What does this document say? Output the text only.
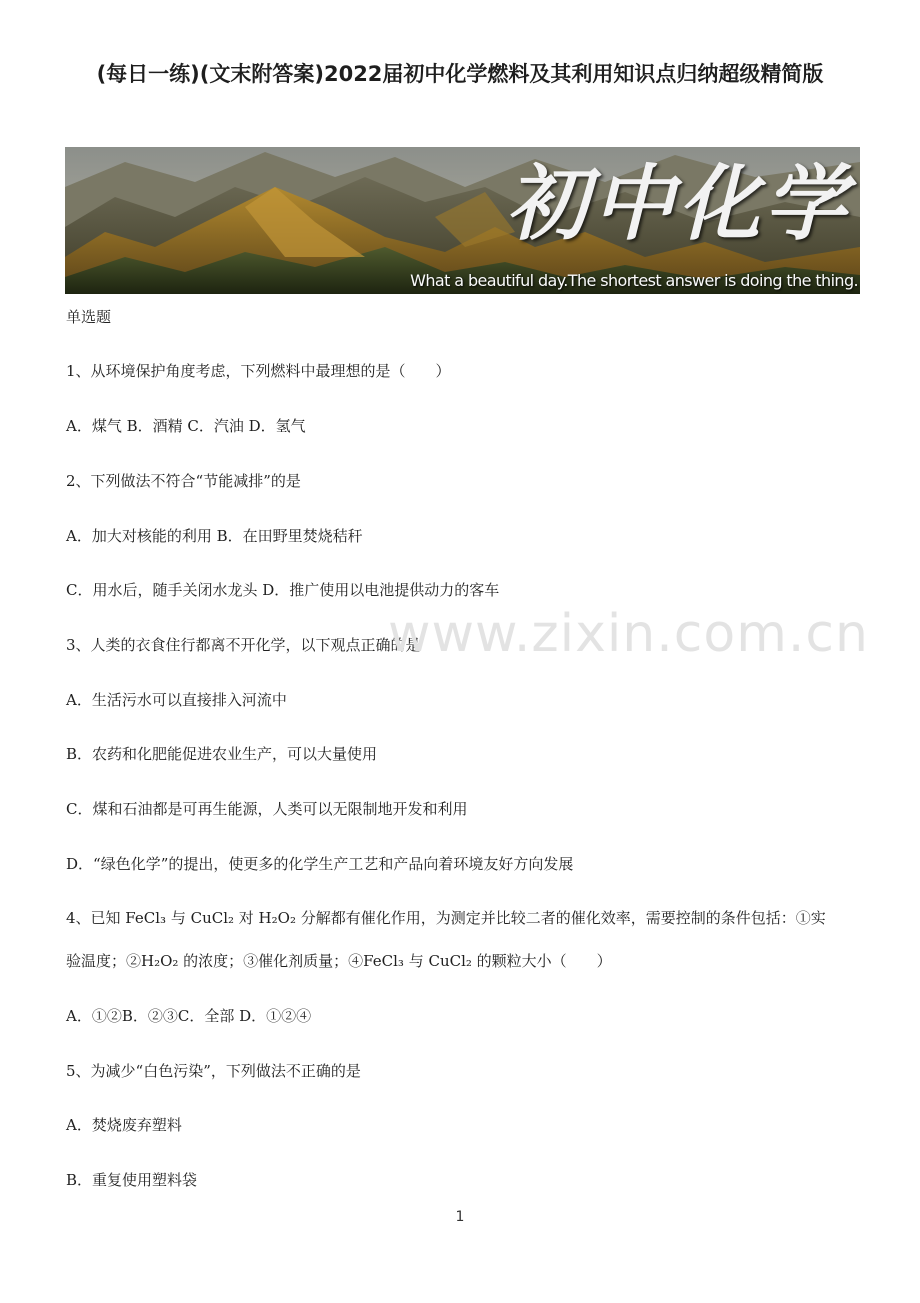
(每日一练)(文末附答案)2022届初中化学燃料及其利用知识点归纳超级精简版
初中化学
What a beautiful day.The shortest answer is doing the thing.
单选题
1、从环境保护角度考虑，下列燃料中最理想的是（　　）
A．煤气 B．酒精 C．汽油 D．氢气
2、下列做法不符合“节能减排”的是
A．加大对核能的利用 B．在田野里焚烧秸秆
C．用水后，随手关闭水龙头 D．推广使用以电池提供动力的客车
3、人类的衣食住行都离不开化学，以下观点正确的是
A．生活污水可以直接排入河流中
B．农药和化肥能促进农业生产，可以大量使用
C．煤和石油都是可再生能源，人类可以无限制地开发和利用
D．“绿色化学”的提出，使更多的化学生产工艺和产品向着环境友好方向发展
4、已知 FeCl₃ 与 CuCl₂ 对 H₂O₂ 分解都有催化作用，为测定并比较二者的催化效率，需要控制的条件包括：①实
验温度；②H₂O₂ 的浓度；③催化剂质量；④FeCl₃ 与 CuCl₂ 的颗粒大小（　　）
A．①②B．②③C．全部 D．①②④
5、为减少“白色污染”，下列做法不正确的是
A．焚烧废弃塑料
B．重复使用塑料袋
www.zixin.com.cn
1
